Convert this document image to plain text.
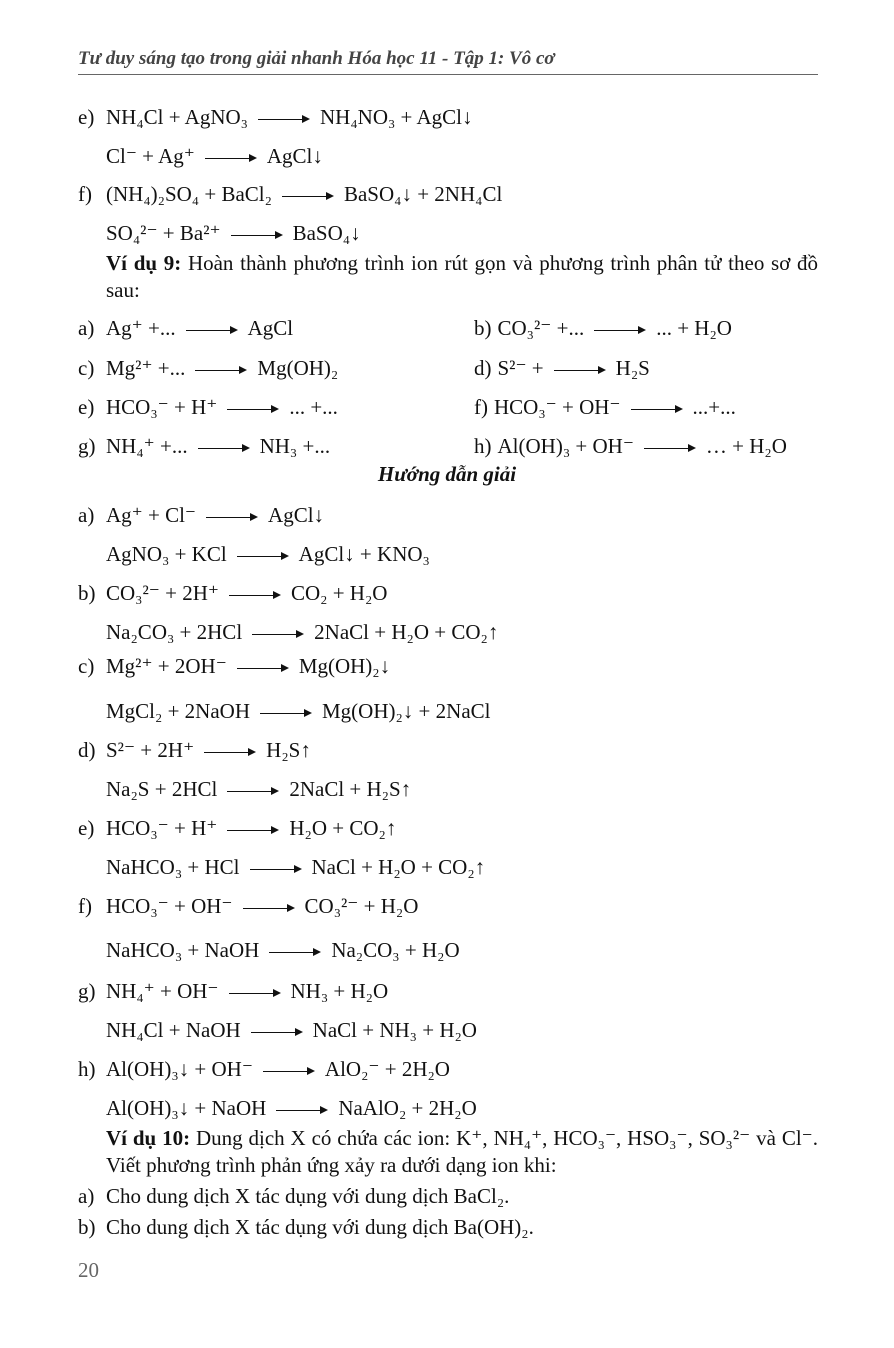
Tư duy sáng tạo trong giải nhanh Hóa học 11 - Tập 1: Vô cơ
e) NH₄Cl + AgNO₃	NH₄NO₃ + AgCl↓
Cl⁻ + Ag⁺	AgCl↓
f) (NH₄)₂SO₄ + BaCl₂	BaSO₄↓ + 2NH₄Cl
SO₄²⁻ + Ba²⁺	BaSO₄↓
Ví dụ 9: Hoàn thành phương trình ion rút gọn và phương trình phân tử theo sơ đồ sau:
a) Ag⁺ +...	AgCl	b) CO₃²⁻ +...	... + H₂O
c) Mg²⁺ +...	Mg(OH)₂	d) S²⁻ +	H₂S
e) HCO₃⁻ + H⁺	... +...	f) HCO₃⁻ + OH⁻	...+...
g) NH₄⁺ +...	NH₃ +...	h) Al(OH)₃ + OH⁻	… + H₂O
Hướng dẫn giải
a) Ag⁺ + Cl⁻	AgCl↓
AgNO₃ + KCl	AgCl↓ + KNO₃
b) CO₃²⁻ + 2H⁺	CO₂ + H₂O
Na₂CO₃ + 2HCl	2NaCl + H₂O + CO₂↑
c) Mg²⁺ + 2OH⁻	Mg(OH)₂↓
MgCl₂ + 2NaOH	Mg(OH)₂↓ + 2NaCl
d) S²⁻ + 2H⁺	H₂S↑
Na₂S + 2HCl	2NaCl + H₂S↑
e) HCO₃⁻ + H⁺	H₂O + CO₂↑
NaHCO₃ + HCl	NaCl + H₂O + CO₂↑
f) HCO₃⁻ + OH⁻	CO₃²⁻ + H₂O
NaHCO₃ + NaOH	Na₂CO₃ + H₂O
g) NH₄⁺ + OH⁻	NH₃ + H₂O
NH₄Cl + NaOH	NaCl + NH₃ + H₂O
h) Al(OH)₃↓ + OH⁻	AlO₂⁻ + 2H₂O
Al(OH)₃↓ + NaOH	NaAlO₂ + 2H₂O
Ví dụ 10: Dung dịch X có chứa các ion: K⁺, NH₄⁺, HCO₃⁻, HSO₃⁻, SO₃²⁻ và Cl⁻. Viết phương trình phản ứng xảy ra dưới dạng ion khi:
a) Cho dung dịch X tác dụng với dung dịch BaCl₂.
b) Cho dung dịch X tác dụng với dung dịch Ba(OH)₂.
20
